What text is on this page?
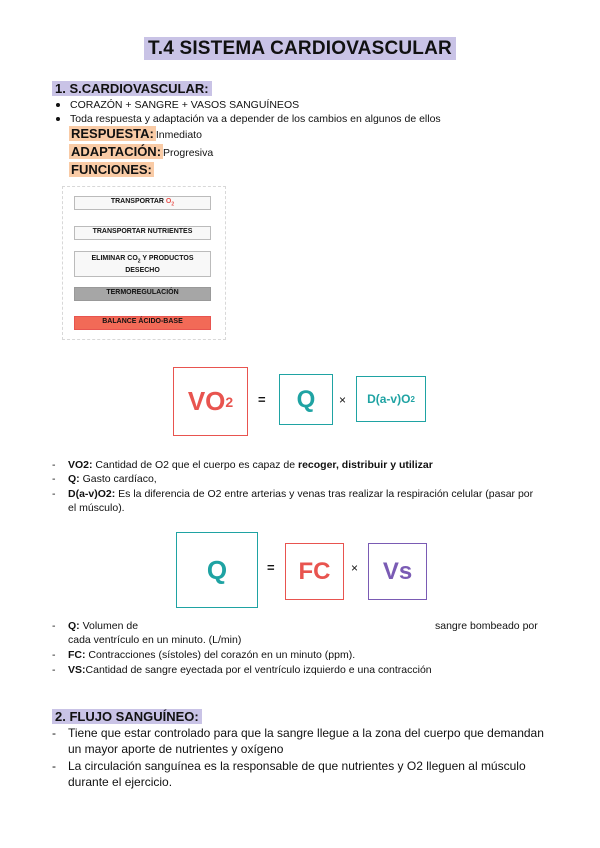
T.4 SISTEMA CARDIOVASCULAR
1. S.CARDIOVASCULAR:
CORAZÓN + SANGRE + VASOS SANGUÍNEOS
Toda respuesta y adaptación va a depender de los cambios en algunos de ellos
RESPUESTA: Inmediato
ADAPTACIÓN: Progresiva
FUNCIONES:
TRANSPORTAR $O_2$
TRANSPORTAR NUTRIENTES
ELIMINAR $CO_2$ Y PRODUCTOS
DESECHO
TERMOREGULACIÓN
BALANCE ÁCIDO-BASE
VO 2 = Q × D(a-v)O 2
- VO2: Cantidad de O2 que el cuerpo es capaz de recoger, distribuir y utilizar
- Q: Gasto cardíaco,
- D(a-v)O2: Es la diferencia de O2 entre arterias y venas tras realizar la respiración celular (pasar por
el músculo).
Q	= FC × Vs
- Q: Volumen de	sangre bombeado por
cada ventrículo en un minuto. (L/min)
- FC: Contracciones (sístoles) del corazón en un minuto (ppm).
- VS:Cantidad de sangre eyectada por el ventrículo izquierdo e una contracción
2. FLUJO SANGUÍNEO:
- Tiene que estar controlado para que la sangre llegue a la zona del cuerpo que demandan
un mayor aporte de nutrientes y oxígeno
- La circulación sanguínea es la responsable de que nutrientes y O2 lleguen al músculo
durante el ejercicio.
